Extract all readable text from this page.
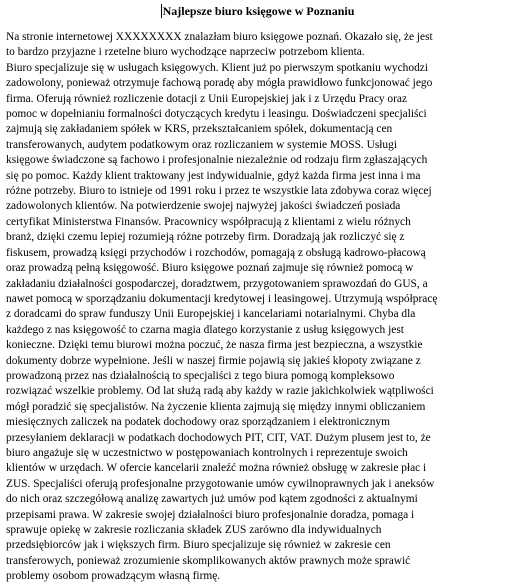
Najlepsze biuro księgowe w Poznaniu
Na stronie internetowej XXXXXXXX znalazłam biuro księgowe poznań. Okazało się, że jest
to bardzo przyjazne i rzetelne biuro wychodzące naprzeciw potrzebom klienta.
Biuro specjalizuje się w usługach księgowych. Klient już po pierwszym spotkaniu wychodzi
zadowolony, ponieważ otrzymuje fachową poradę aby mógła prawidłowo funkcjonować jego
firma. Oferują również rozliczenie dotacji z Unii Europejskiej jak i z Urzędu Pracy oraz
pomoc w dopełnianiu formalności dotyczących kredytu i leasingu. Doświadczeni specjaliści
zajmują się zakładaniem spółek w KRS, przekształcaniem spółek, dokumentacją cen
transferowanych, audytem podatkowym oraz rozliczaniem w systemie MOSS. Usługi
księgowe świadczone są fachowo i profesjonalnie niezależnie od rodzaju firm zgłaszających
się po pomoc. Każdy klient traktowany jest indywidualnie, gdyż każda firma jest inna i ma
różne potrzeby. Biuro to istnieje od 1991 roku i przez te wszystkie lata zdobywa coraz więcej
zadowolonych klientów. Na potwierdzenie swojej najwyżej jakości świadczeń posiada
certyfikat Ministerstwa Finansów. Pracownicy współpracują z klientami z wielu różnych
branż, dzięki czemu lepiej rozumieją różne potrzeby firm. Doradzają jak rozliczyć się z
fiskusem, prowadzą księgi przychodów i rozchodów, pomagają z obsługą kadrowo-płacową
oraz prowadzą pełną księgowość. Biuro księgowe poznań zajmuje się również pomocą w
zakładaniu działalności gospodarczej, doradztwem, przygotowaniem sprawozdań do GUS, a
nawet pomocą w sporządzaniu dokumentacji kredytowej i leasingowej. Utrzymują współpracę
z doradcami do spraw funduszy Unii Europejskiej i kancelariami notarialnymi. Chyba dla
każdego z nas księgowość to czarna magia dlatego korzystanie z usług księgowych jest
konieczne. Dzięki temu biurowi można poczuć, że nasza firma jest bezpieczna, a wszystkie
dokumenty dobrze wypełnione. Jeśli w naszej firmie pojawią się jakieś kłopoty związane z
prowadzoną przez nas działalnością to specjaliści z tego biura pomogą kompleksowo
rozwiązać wszelkie problemy. Od lat służą radą aby każdy w razie jakichkolwiek wątpliwości
mógł poradzić się specjalistów. Na życzenie klienta zajmują się między innymi obliczaniem
miesięcznych zaliczek na podatek dochodowy oraz sporządzaniem i elektronicznym
przesyłaniem deklaracji w podatkach dochodowych PIT, CIT, VAT. Dużym plusem jest to, że
biuro angażuje się w uczestnictwo w postępowaniach kontrolnych i reprezentuje swoich
klientów w urzędach. W ofercie kancelarii znaleźć można również obsługę w zakresie płac i
ZUS. Specjaliści oferują profesjonalne przygotowanie umów cywilnoprawnych jak i aneksów
do nich oraz szczegółową analizę zawartych już umów pod kątem zgodności z aktualnymi
przepisami prawa. W zakresie swojej działalności biuro profesjonalnie doradza, pomaga i
sprawuje opiekę w zakresie rozliczania składek ZUS zarówno dla indywidualnych
przedsiębiorców jak i większych firm. Biuro specjalizuje się również w zakresie cen
transferowych, ponieważ zrozumienie skomplikowanych aktów prawnych może sprawić
problemy osobom prowadzącym własną firmę.
